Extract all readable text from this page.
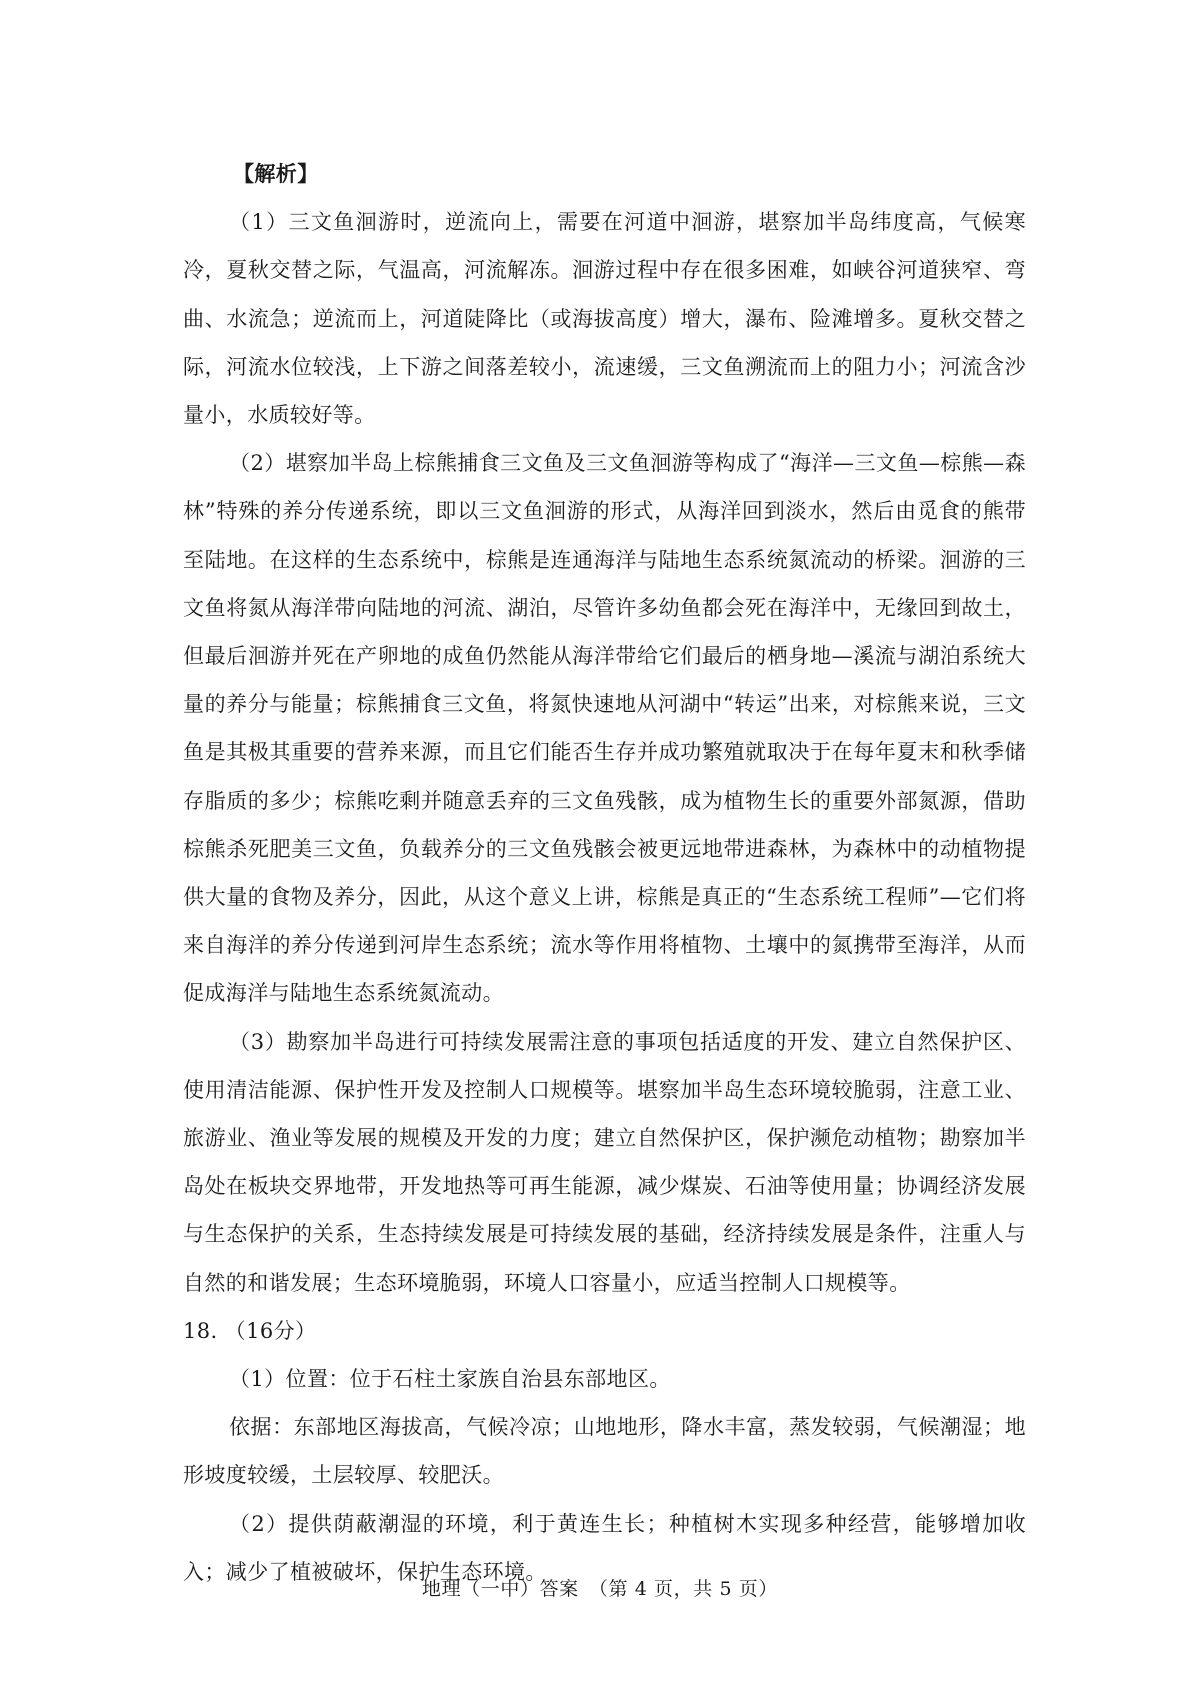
【解析】

（1）三文鱼洄游时，逆流向上，需要在河道中洄游，堪察加半岛纬度高，气候寒冷，夏秋交替之际，气温高，河流解冻。洄游过程中存在很多困难，如峡谷河道狭窄、弯曲、水流急；逆流而上，河道陡降比（或海拔高度）增大，瀑布、险滩增多。夏秋交替之际，河流水位较浅，上下游之间落差较小，流速缓，三文鱼溯流而上的阻力小；河流含沙量小，水质较好等。

（2）堪察加半岛上棕熊捕食三文鱼及三文鱼洄游等构成了“海洋—三文鱼—棕熊—森林”特殊的养分传递系统，即以三文鱼洄游的形式，从海洋回到淡水，然后由觅食的熊带至陆地。在这样的生态系统中，棕熊是连通海洋与陆地生态系统氮流动的桥梁。洄游的三文鱼将氮从海洋带向陆地的河流、湖泊，尽管许多幼鱼都会死在海洋中，无缘回到故土，但最后洄游并死在产卵地的成鱼仍然能从海洋带给它们最后的栖身地—溪流与湖泊系统大量的养分与能量；棕熊捕食三文鱼，将氮快速地从河湖中“转运”出来，对棕熊来说，三文鱼是其极其重要的营养来源，而且它们能否生存并成功繁殖就取决于在每年夏末和秋季储存脂质的多少；棕熊吃剩并随意丢弃的三文鱼残骸，成为植物生长的重要外部氮源，借助棕熊杀死肥美三文鱼，负载养分的三文鱼残骸会被更远地带进森林，为森林中的动植物提供大量的食物及养分，因此，从这个意义上讲，棕熊是真正的“生态系统工程师”—它们将来自海洋的养分传递到河岸生态系统；流水等作用将植物、土壤中的氮携带至海洋，从而促成海洋与陆地生态系统氮流动。

（3）勘察加半岛进行可持续发展需注意的事项包括适度的开发、建立自然保护区、使用清洁能源、保护性开发及控制人口规模等。堪察加半岛生态环境较脆弱，注意工业、旅游业、渔业等发展的规模及开发的力度；建立自然保护区，保护濒危动植物；勘察加半岛处在板块交界地带，开发地热等可再生能源，减少煤炭、石油等使用量；协调经济发展与生态保护的关系，生态持续发展是可持续发展的基础，经济持续发展是条件，注重人与自然的和谐发展；生态环境脆弱，环境人口容量小，应适当控制人口规模等。

18. （16分）

（1）位置：位于石柱土家族自治县东部地区。

依据：东部地区海拔高，气候冷凉；山地地形，降水丰富，蒸发较弱，气候潮湿；地形坡度较缓，土层较厚、较肥沃。

（2）提供荫蔽潮湿的环境，利于黄连生长；种植树木实现多种经营，能够增加收入；减少了植被破坏，保护生态环境。

地理（一中）答案　（第 4 页，共 5 页）
